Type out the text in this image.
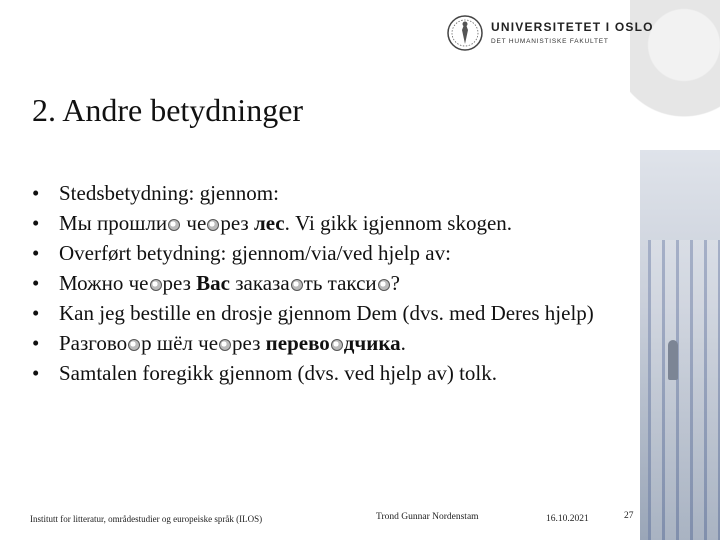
UNIVERSITETET I OSLO
DET HUMANISTISKE FAKULTET
2. Andre betydninger
• Stedsbetydning: gjennom:
• Мы прошли че рез лес. Vi gikk igjennom skogen.
• Overført betydning: gjennom/via/ved hjelp av:
• Можно че рез Вас заказа ть такси ?
• Kan jeg bestille en drosje gjennom Dem (dvs. med Deres hjelp)
• Разгово р шёл че рез перево дчика.
• Samtalen foregikk gjennom (dvs. ved hjelp av) tolk.
Institutt for litteratur, områdestudier og europeiske språk (ILOS)	Trond Gunnar Nordenstam	16.10.2021	27
